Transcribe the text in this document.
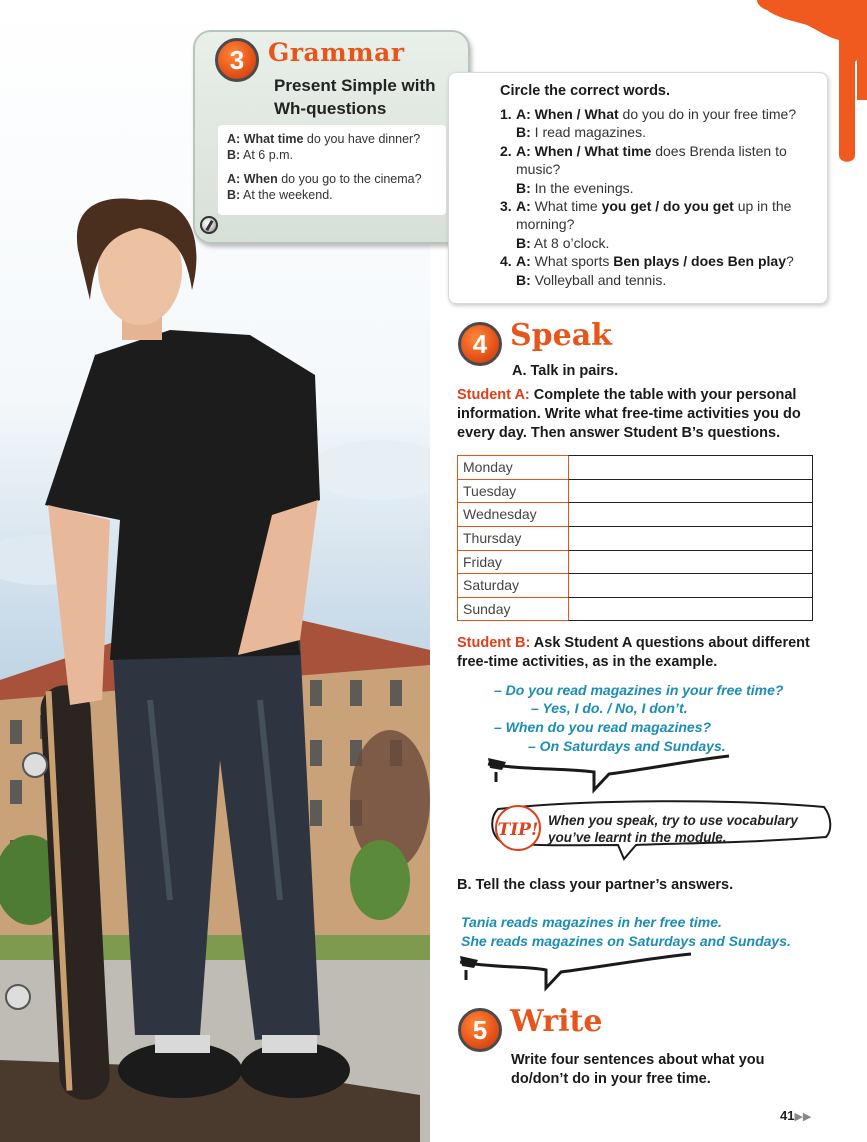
3 Grammar
Present Simple with Wh-questions
A: What time do you have dinner?
B: At 6 p.m.
A: When do you go to the cinema?
B: At the weekend.
Circle the correct words.
1. A: When / What do you do in your free time?
B: I read magazines.
2. A: When / What time does Brenda listen to
music?
B: In the evenings.
3. A: What time you get / do you get up in the
morning?
B: At 8 o’clock.
4. A: What sports Ben plays / does Ben play?
B: Volleyball and tennis.
4 Speak
A. Talk in pairs.
Student A: Complete the table with your personal information. Write what free-time activities you do every day. Then answer Student B’s questions.
Monday
Tuesday
Wednesday
Thursday
Friday
Saturday
Sunday
Student B: Ask Student A questions about different free-time activities, as in the example.
– Do you read magazines in your free time?
– Yes, I do. / No, I don’t.
– When do you read magazines?
– On Saturdays and Sundays.
TIP! When you speak, try to use vocabulary you’ve learnt in the module.
B. Tell the class your partner’s answers.
Tania reads magazines in her free time.
She reads magazines on Saturdays and Sundays.
5 Write
Write four sentences about what you do/don’t do in your free time.
41▶▶
